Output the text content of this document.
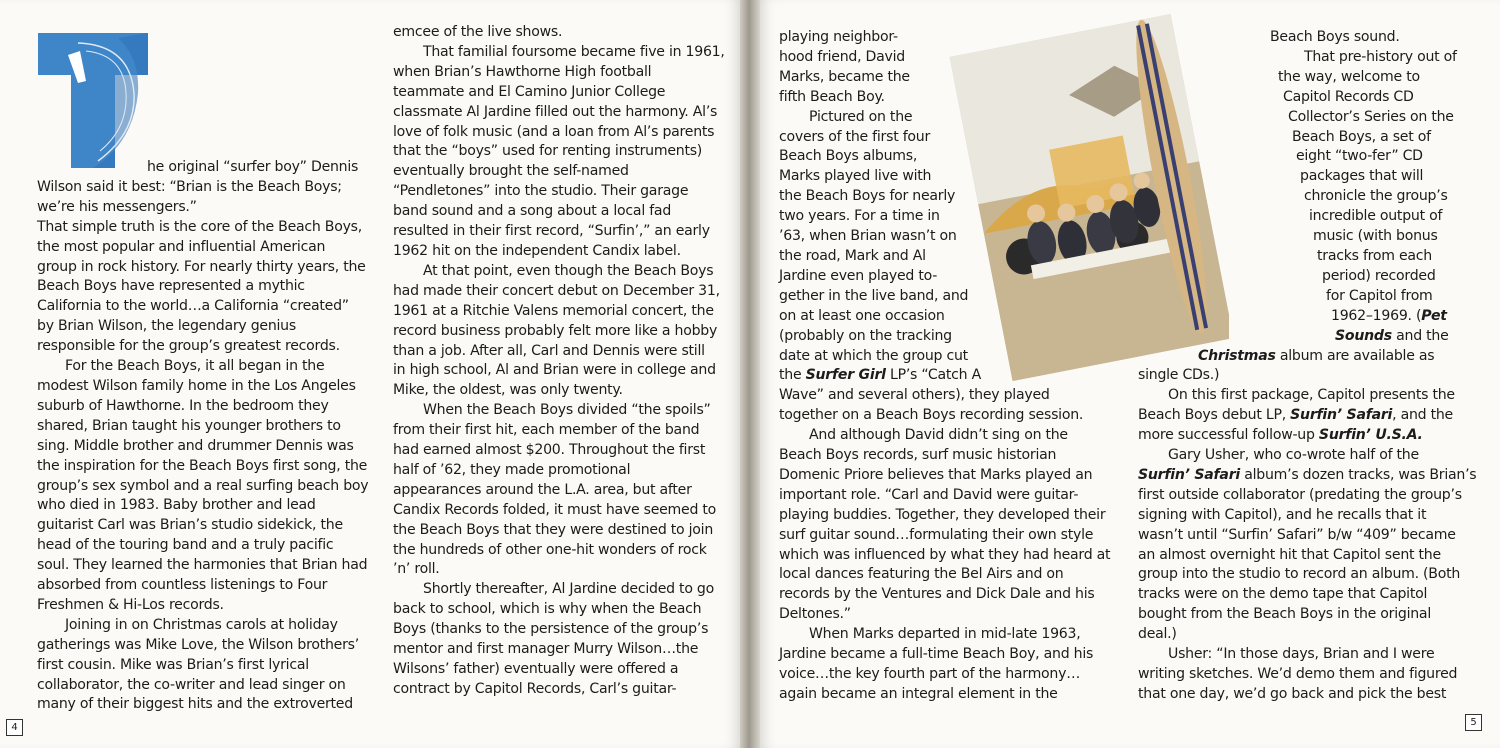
T
he original “surfer boy” Dennis
Wilson said it best: “Brian is the Beach Boys;
we’re his messengers.”
That simple truth is the core of the Beach Boys,
the most popular and influential American
group in rock history. For nearly thirty years, the
Beach Boys have represented a mythic
California to the world…a California “created”
by Brian Wilson, the legendary genius
responsible for the group’s greatest records.
For the Beach Boys, it all began in the
modest Wilson family home in the Los Angeles
suburb of Hawthorne. In the bedroom they
shared, Brian taught his younger brothers to
sing. Middle brother and drummer Dennis was
the inspiration for the Beach Boys first song, the
group’s sex symbol and a real surfing beach boy
who died in 1983. Baby brother and lead
guitarist Carl was Brian’s studio sidekick, the
head of the touring band and a truly pacific
soul. They learned the harmonies that Brian had
absorbed from countless listenings to Four
Freshmen & Hi-Los records.
Joining in on Christmas carols at holiday
gatherings was Mike Love, the Wilson brothers’
first cousin. Mike was Brian’s first lyrical
collaborator, the co-writer and lead singer on
many of their biggest hits and the extroverted
emcee of the live shows.
That familial foursome became five in 1961,
when Brian’s Hawthorne High football
teammate and El Camino Junior College
classmate Al Jardine filled out the harmony. Al’s
love of folk music (and a loan from Al’s parents
that the “boys” used for renting instruments)
eventually brought the self-named
“Pendletones” into the studio. Their garage
band sound and a song about a local fad
resulted in their first record, “Surfin’,” an early
1962 hit on the independent Candix label.
At that point, even though the Beach Boys
had made their concert debut on December 31,
1961 at a Ritchie Valens memorial concert, the
record business probably felt more like a hobby
than a job. After all, Carl and Dennis were still
in high school, Al and Brian were in college and
Mike, the oldest, was only twenty.
When the Beach Boys divided “the spoils”
from their first hit, each member of the band
had earned almost $200. Throughout the first
half of ’62, they made promotional
appearances around the L.A. area, but after
Candix Records folded, it must have seemed to
the Beach Boys that they were destined to join
the hundreds of other one-hit wonders of rock
’n’ roll.
Shortly thereafter, Al Jardine decided to go
back to school, which is why when the Beach
Boys (thanks to the persistence of the group’s
mentor and first manager Murry Wilson…the
Wilsons’ father) eventually were offered a
contract by Capitol Records, Carl’s guitar-
4
playing neighbor-
hood friend, David
Marks, became the
fifth Beach Boy.
Pictured on the
covers of the first four
Beach Boys albums,
Marks played live with
the Beach Boys for nearly
two years. For a time in
’63, when Brian wasn’t on
the road, Mark and Al
Jardine even played to-
gether in the live band, and
on at least one occasion
(probably on the tracking
date at which the group cut
the Surfer Girl LP’s “Catch A
Wave” and several others), they played
together on a Beach Boys recording session.
And although David didn’t sing on the
Beach Boys records, surf music historian
Domenic Priore believes that Marks played an
important role. “Carl and David were guitar-
playing buddies. Together, they developed their
surf guitar sound…formulating their own style
which was influenced by what they had heard at
local dances featuring the Bel Airs and on
records by the Ventures and Dick Dale and his
Deltones.”
When Marks departed in mid-late 1963,
Jardine became a full-time Beach Boy, and his
voice…the key fourth part of the harmony…
again became an integral element in the
Beach Boys sound.
That pre-history out of
the way, welcome to
Capitol Records CD
Collector’s Series on the
Beach Boys, a set of
eight “two-fer” CD
packages that will
chronicle the group’s
incredible output of
music (with bonus
tracks from each
period) recorded
for Capitol from
1962–1969. (Pet
Sounds and the
Christmas album are available as
single CDs.)
On this first package, Capitol presents the
Beach Boys debut LP, Surfin’ Safari, and the
more successful follow-up Surfin’ U.S.A.
Gary Usher, who co-wrote half of the
Surfin’ Safari album’s dozen tracks, was Brian’s
first outside collaborator (predating the group’s
signing with Capitol), and he recalls that it
wasn’t until “Surfin’ Safari” b/w “409” became
an almost overnight hit that Capitol sent the
group into the studio to record an album. (Both
tracks were on the demo tape that Capitol
bought from the Beach Boys in the original
deal.)
Usher: “In those days, Brian and I were
writing sketches. We’d demo them and figured
that one day, we’d go back and pick the best
5
